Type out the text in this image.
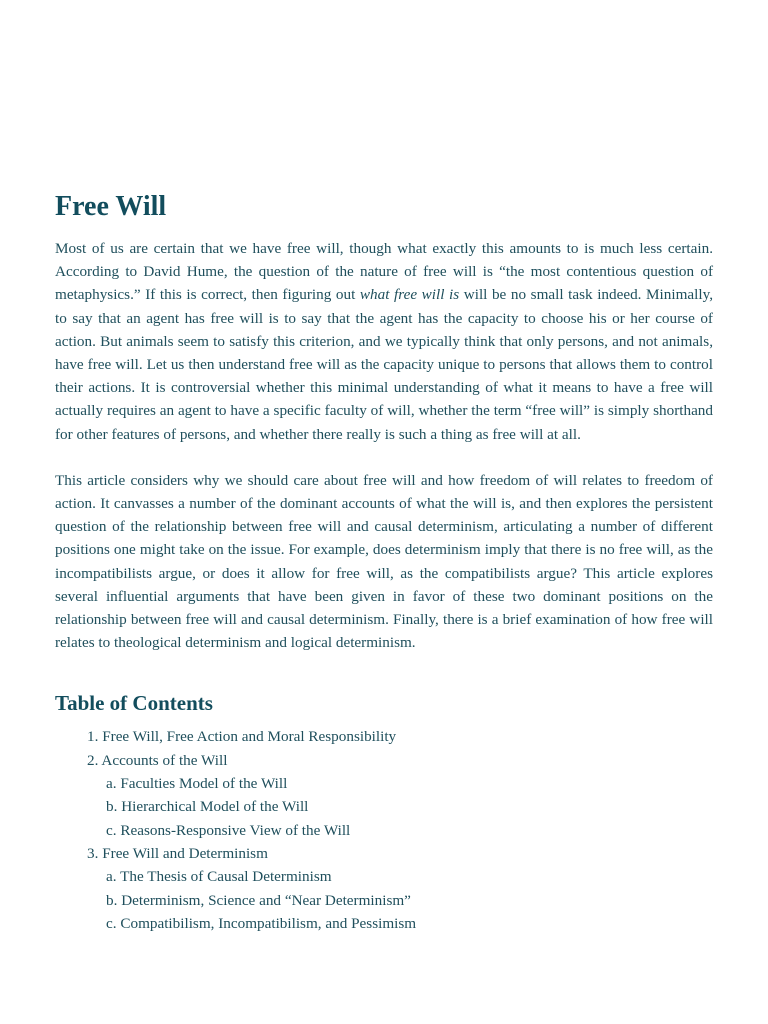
Free Will

Most of us are certain that we have free will, though what exactly this amounts to is much less certain. According to David Hume, the question of the nature of free will is “the most contentious question of metaphysics.” If this is correct, then figuring out what free will is will be no small task indeed. Minimally, to say that an agent has free will is to say that the agent has the capacity to choose his or her course of action. But animals seem to satisfy this criterion, and we typically think that only persons, and not animals, have free will. Let us then understand free will as the capacity unique to persons that allows them to control their actions. It is controversial whether this minimal understanding of what it means to have a free will actually requires an agent to have a specific faculty of will, whether the term “free will” is simply shorthand for other features of persons, and whether there really is such a thing as free will at all.

This article considers why we should care about free will and how freedom of will relates to freedom of action. It canvasses a number of the dominant accounts of what the will is, and then explores the persistent question of the relationship between free will and causal determinism, articulating a number of different positions one might take on the issue. For example, does determinism imply that there is no free will, as the incompatibilists argue, or does it allow for free will, as the compatibilists argue? This article explores several influential arguments that have been given in favor of these two dominant positions on the relationship between free will and causal determinism. Finally, there is a brief examination of how free will relates to theological determinism and logical determinism.

Table of Contents
1. Free Will, Free Action and Moral Responsibility
2. Accounts of the Will
a. Faculties Model of the Will
b. Hierarchical Model of the Will
c. Reasons-Responsive View of the Will
3. Free Will and Determinism
a. The Thesis of Causal Determinism
b. Determinism, Science and “Near Determinism”
c. Compatibilism, Incompatibilism, and Pessimism
